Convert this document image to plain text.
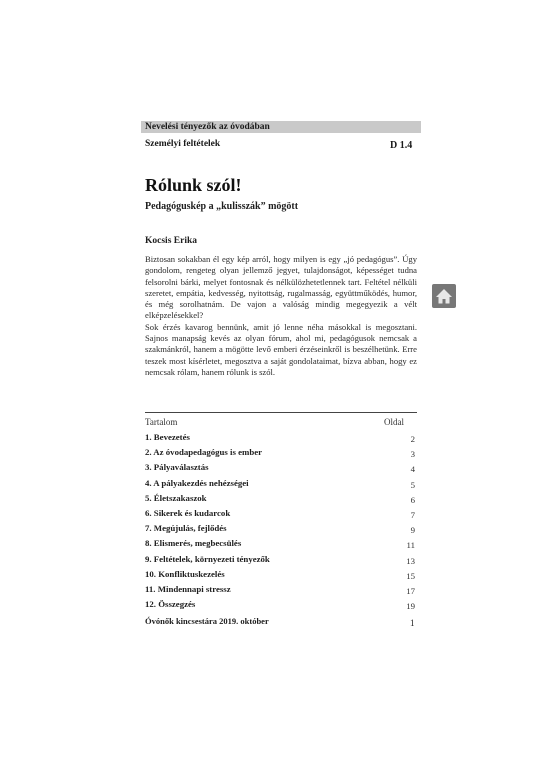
Nevelési tényezők az óvodában
Személyi feltételek	D 1.4
Rólunk szól!
Pedagóguskép a „kulisszák” mögött
Kocsis Erika

Biztosan sokakban él egy kép arról, hogy milyen is egy „jó pedagógus”. Úgy gondolom, rengeteg olyan jellemző jegyet, tulajdonságot, képességet tudna felsorolni bárki, melyet fontosnak és nélkülözhetetlennek tart. Feltétel nélküli szeretet, empátia, kedvesség, nyitottság, rugalmasság, együttműködés, humor, és még sorolhatnám. De vajon a valóság mindig megegyezik a vélt elképzelésekkel?

Sok érzés kavarog bennünk, amit jó lenne néha másokkal is megosztani. Sajnos manapság kevés az olyan fórum, ahol mi, pedagógusok nemcsak a szakmánkról, hanem a mögötte levő emberi érzéseinkről is beszélhetünk. Erre teszek most kísérletet, megosztva a saját gondolataimat, bízva abban, hogy ez nemcsak rólam, hanem rólunk is szól.

Tartalom	Oldal
1. Bevezetés	2
2. Az óvodapedagógus is ember	3
3. Pályaválasztás	4
4. A pályakezdés nehézségei	5
5. Életszakaszok	6
6. Sikerek és kudarcok	7
7. Megújulás, fejlődés	9
8. Elismerés, megbecsülés	11
9. Feltételek, környezeti tényezők	13
10. Konfliktuskezelés	15
11. Mindennapi stressz	17
12. Összegzés	19
Óvónők kincsestára 2019. október	1
